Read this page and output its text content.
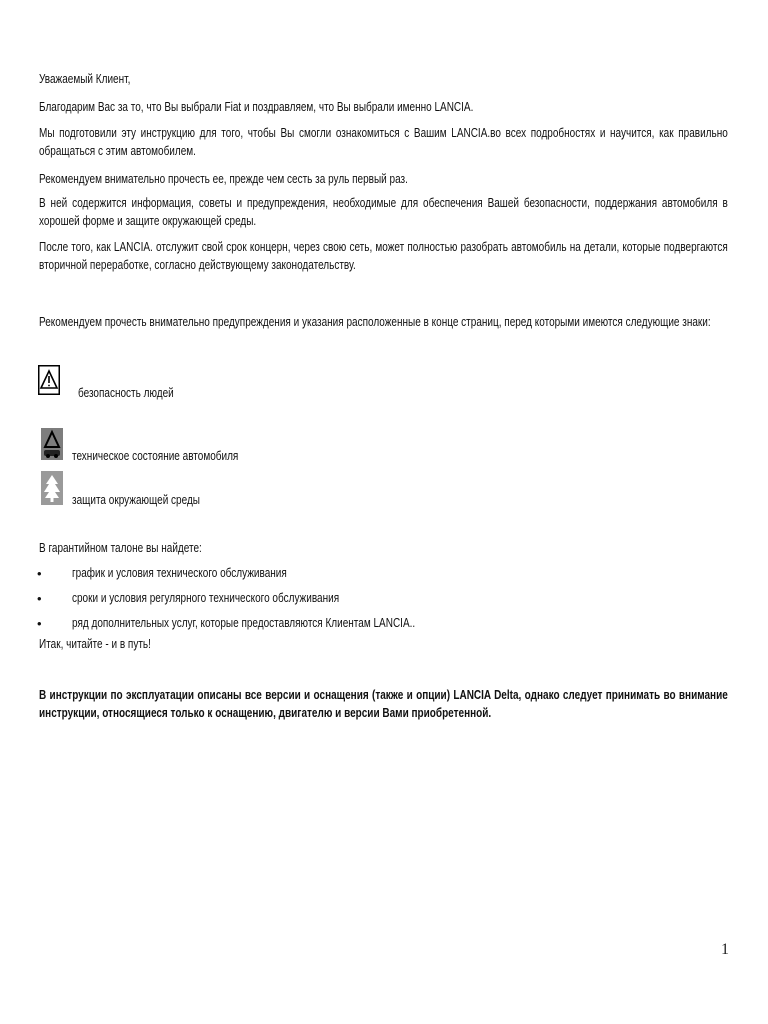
Уважаемый Клиент,
Благодарим Вас за то, что Вы выбрали Fiat и поздравляем, что Вы выбрали именно LANCIA.
Мы подготовили эту инструкцию для того, чтобы Вы смогли ознакомиться с Вашим LANCIA.во всех подробностях и научится, как правильно обращаться с этим автомобилем.
Рекомендуем внимательно прочесть ее, прежде чем сесть за руль первый раз.
В ней содержится информация, советы и предупреждения, необходимые для обеспечения Вашей безопасности, поддержания автомобиля в хорошей форме и защите окружающей среды.
После того, как LANCIA. отслужит свой срок концерн, через свою сеть, может полностью разобрать автомобиль на детали, которые подвергаются вторичной переработке, согласно действующему законодательству.
Рекомендуем прочесть внимательно предупреждения и указания расположенные в конце страниц, перед которыми имеются следующие знаки:
безопасность людей
техническое состояние автомобиля
защита окружающей среды
В гарантийном талоне вы найдете:
• график и условия технического обслуживания
• сроки и условия регулярного технического обслуживания
• ряд дополнительных услуг, которые предоставляются Клиентам LANCIA..
Итак, читайте - и в путь!
В инструкции по эксплуатации описаны все версии и оснащения (также и опции) LANCIA Delta, однако следует принимать во внимание инструкции, относящиеся только к оснащению, двигателю и версии Вами приобретенной.
1
